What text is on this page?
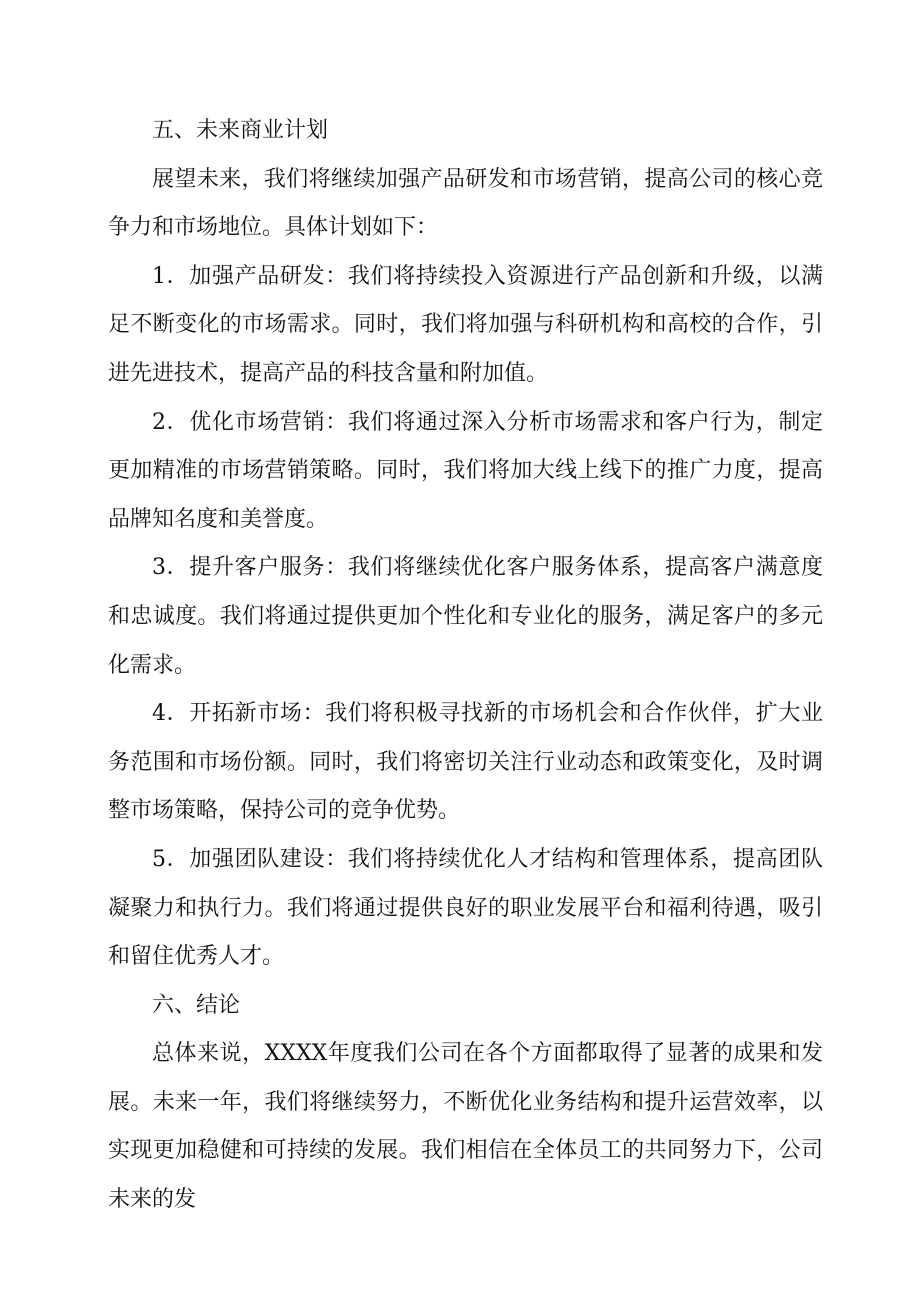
五、未来商业计划

展望未来，我们将继续加强产品研发和市场营销，提高公司的核心竞争力和市场地位。具体计划如下：

1．加强产品研发：我们将持续投入资源进行产品创新和升级，以满足不断变化的市场需求。同时，我们将加强与科研机构和高校的合作，引进先进技术，提高产品的科技含量和附加值。

2．优化市场营销：我们将通过深入分析市场需求和客户行为，制定更加精准的市场营销策略。同时，我们将加大线上线下的推广力度，提高品牌知名度和美誉度。

3．提升客户服务：我们将继续优化客户服务体系，提高客户满意度和忠诚度。我们将通过提供更加个性化和专业化的服务，满足客户的多元化需求。

4．开拓新市场：我们将积极寻找新的市场机会和合作伙伴，扩大业务范围和市场份额。同时，我们将密切关注行业动态和政策变化，及时调整市场策略，保持公司的竞争优势。

5．加强团队建设：我们将持续优化人才结构和管理体系，提高团队凝聚力和执行力。我们将通过提供良好的职业发展平台和福利待遇，吸引和留住优秀人才。

六、结论

总体来说，XXXX年度我们公司在各个方面都取得了显著的成果和发展。未来一年，我们将继续努力，不断优化业务结构和提升运营效率，以实现更加稳健和可持续的发展。我们相信在全体员工的共同努力下，公司未来的发
